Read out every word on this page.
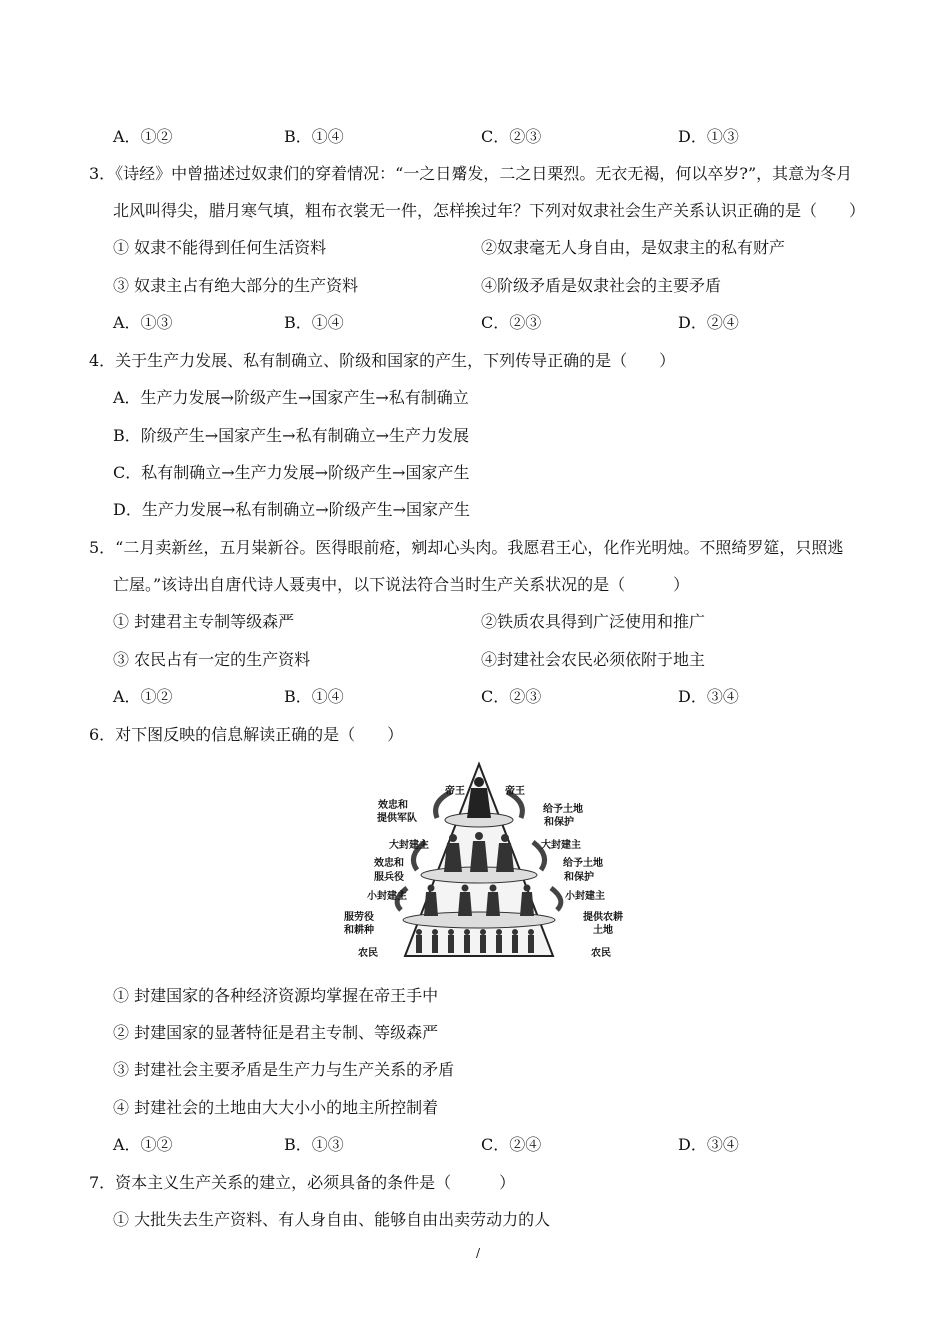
A．①②	B．①④	C．②③	D．①③
3．《诗经》中曾描述过奴隶们的穿着情况：“一之日觱发，二之日栗烈。无衣无褐，何以卒岁?”，其意为冬月
北风叫得尖，腊月寒气填，粗布衣裳无一件，怎样挨过年？下列对奴隶社会生产关系认识正确的是（　　）
① 奴隶不能得到任何生活资料	②奴隶毫无人身自由，是奴隶主的私有财产
③ 奴隶主占有绝大部分的生产资料	④阶级矛盾是奴隶社会的主要矛盾
A．①③	B．①④	C．②③	D．②④
4．关于生产力发展、私有制确立、阶级和国家的产生，下列传导正确的是（　　）
A．生产力发展→阶级产生→国家产生→私有制确立
B．阶级产生→国家产生→私有制确立→生产力发展
C．私有制确立→生产力发展→阶级产生→国家产生
D．生产力发展→私有制确立→阶级产生→国家产生
5．“二月卖新丝，五月粜新谷。医得眼前疮，剜却心头肉。我愿君王心，化作光明烛。不照绮罗筵，只照逃
亡屋。”该诗出自唐代诗人聂夷中，以下说法符合当时生产关系状况的是（　　　）
① 封建君主专制等级森严	②铁质农具得到广泛使用和推广
③ 农民占有一定的生产资料	④封建社会农民必须依附于地主
A．①②	B．①④	C．②③	D．③④
6．对下图反映的信息解读正确的是（　　）
帝王
效忠和
提供军队
大封建主
效忠和
服兵役
小封建主
服劳役
和耕种
农民
帝王
给予土地
和保护
大封建主
给予土地
和保护
小封建主
提供农耕
土地
农民
① 封建国家的各种经济资源均掌握在帝王手中
② 封建国家的显著特征是君主专制、等级森严
③ 封建社会主要矛盾是生产力与生产关系的矛盾
④ 封建社会的土地由大大小小的地主所控制着
A．①②	B．①③	C．②④	D．③④
7．资本主义生产关系的建立，必须具备的条件是（　　　）
① 大批失去生产资料、有人身自由、能够自由出卖劳动力的人
/
